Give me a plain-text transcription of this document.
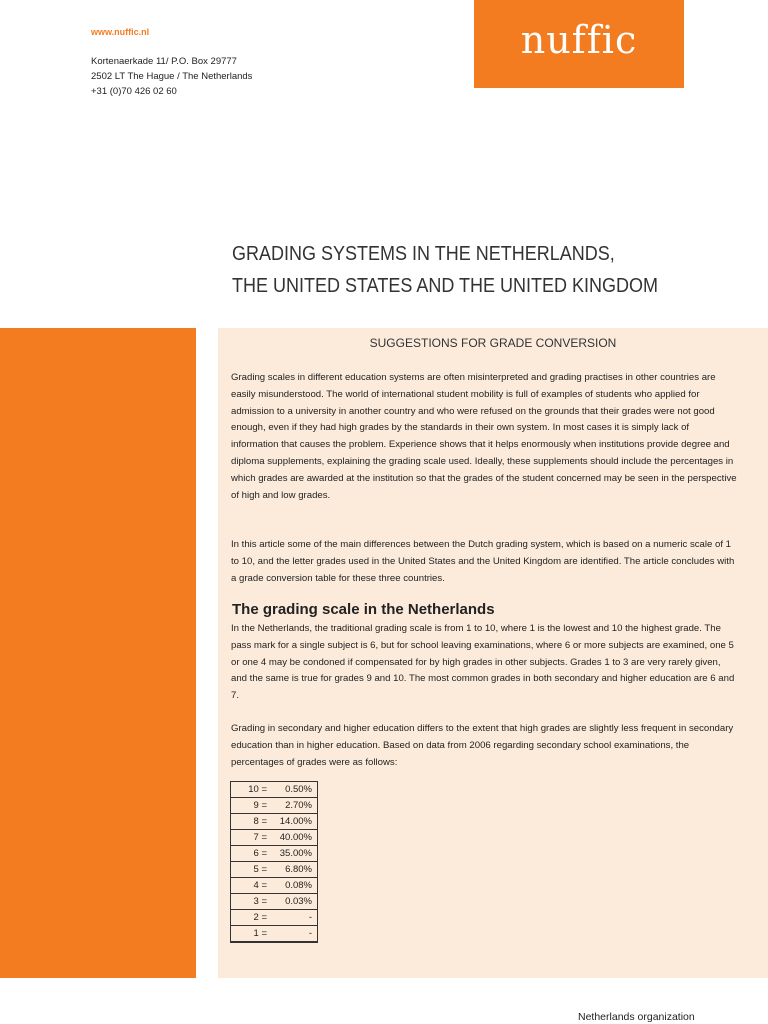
www.nuffic.nl
Kortenaerkade 11/ P.O. Box 29777
2502 LT The Hague / The Netherlands
+31 (0)70 426 02 60
nuffic
GRADING SYSTEMS IN THE NETHERLANDS,
THE UNITED STATES AND THE UNITED KINGDOM
SUGGESTIONS FOR GRADE CONVERSION
Grading scales in different education systems are often misinterpreted and grading practises in other countries are easily misunderstood. The world of international student mobility is full of examples of students who applied for admission to a university in another country and who were refused on the grounds that their grades were not good enough, even if they had high grades by the standards in their own system. In most cases it is simply lack of information that causes the problem. Experience shows that it helps enormously when institutions provide degree and diploma supplements, explaining the grading scale used. Ideally, these supplements should include the percentages in which grades are awarded at the institution so that the grades of the student concerned may be seen in the perspective of high and low grades.
In this article some of the main differences between the Dutch grading system, which is based on a numeric scale of 1 to 10, and the letter grades used in the United States and the United Kingdom are identified. The article concludes with a grade conversion table for these three countries.
The grading scale in the Netherlands
In the Netherlands, the traditional grading scale is from 1 to 10, where 1 is the lowest and 10 the highest grade. The pass mark for a single subject is 6, but for school leaving examinations, where 6 or more subjects are examined, one 5 or one 4 may be condoned if compensated for by high grades in other subjects. Grades 1 to 3 are very rarely given, and the same is true for grades 9 and 10. The most common grades in both secondary and higher education are 6 and 7.
Grading in secondary and higher education differs to the extent that high grades are slightly less frequent in secondary education than in higher education. Based on data from 2006 regarding secondary school examinations, the percentages of grades were as follows:
10 =	0.50%
9 =	2.70%
8 =	14.00%
7 =	40.00%
6 =	35.00%
5 =	6.80%
4 =	0.08%
3 =	0.03%
2 =	-
1 =	-
Netherlands organization
